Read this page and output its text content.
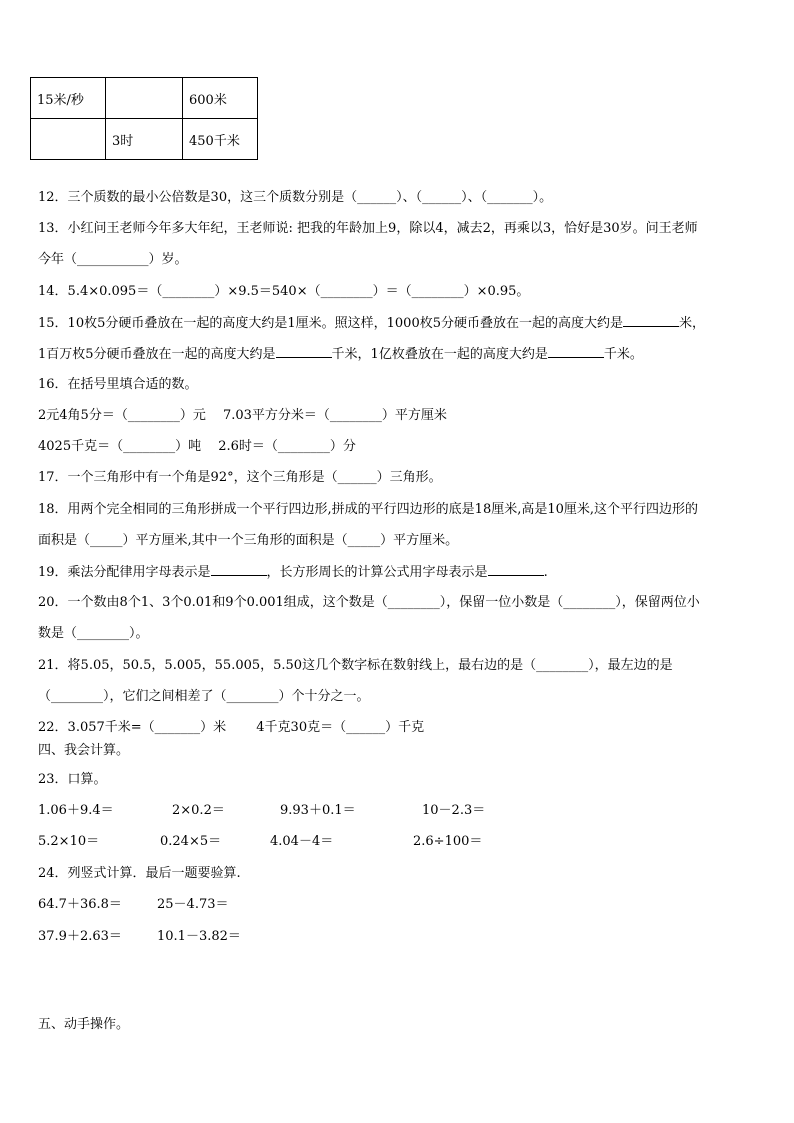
15米/秒		600米
	3时	450千米
12．三个质数的最小公倍数是30，这三个质数分别是（______）、（______）、（_______）。
13．小红问王老师今年多大年纪，王老师说: 把我的年龄加上9，除以4，减去2，再乘以3，恰好是30岁。问王老师
今年（___________）岁。
14．5.4×0.095＝（________）×9.5＝540×（________）＝（________）×0.95。
15．10枚5分硬币叠放在一起的高度大约是1厘米。照这样，1000枚5分硬币叠放在一起的高度大约是	米，
1百万枚5分硬币叠放在一起的高度大约是	千米，1亿枚叠放在一起的高度大约是	千米。
16．在括号里填合适的数。
2元4角5分＝（________）元　 7.03平方分米＝（________）平方厘米
4025千克＝（________）吨　 2.6时＝（________）分
17．一个三角形中有一个角是92°，这个三角形是（______）三角形。
18．用两个完全相同的三角形拼成一个平行四边形,拼成的平行四边形的底是18厘米,高是10厘米,这个平行四边形的
面积是（_____）平方厘米,其中一个三角形的面积是（_____）平方厘米。
19．乘法分配律用字母表示是	，长方形周长的计算公式用字母表示是	.
20．一个数由8个1、3个0.01和9个0.001组成，这个数是（________），保留一位小数是（________），保留两位小
数是（________）。
21．将5.05，50.5，5.005，55.005，5.50这几个数字标在数射线上，最右边的是（________），最左边的是
（________），它们之间相差了（________）个十分之一。
22．3.057千米=（_______）米　　 4千克30克＝（______）千克
四、我会计算。
23．口算。
1.06＋9.4＝	2×0.2＝	9.93＋0.1＝	10－2.3＝
5.2×10＝	0.24×5＝	4.04－4＝	2.6÷100＝
24．列竖式计算．最后一题要验算.
64.7＋36.8＝	25－4.73＝
37.9＋2.63＝	10.1－3.82＝
五、动手操作。
